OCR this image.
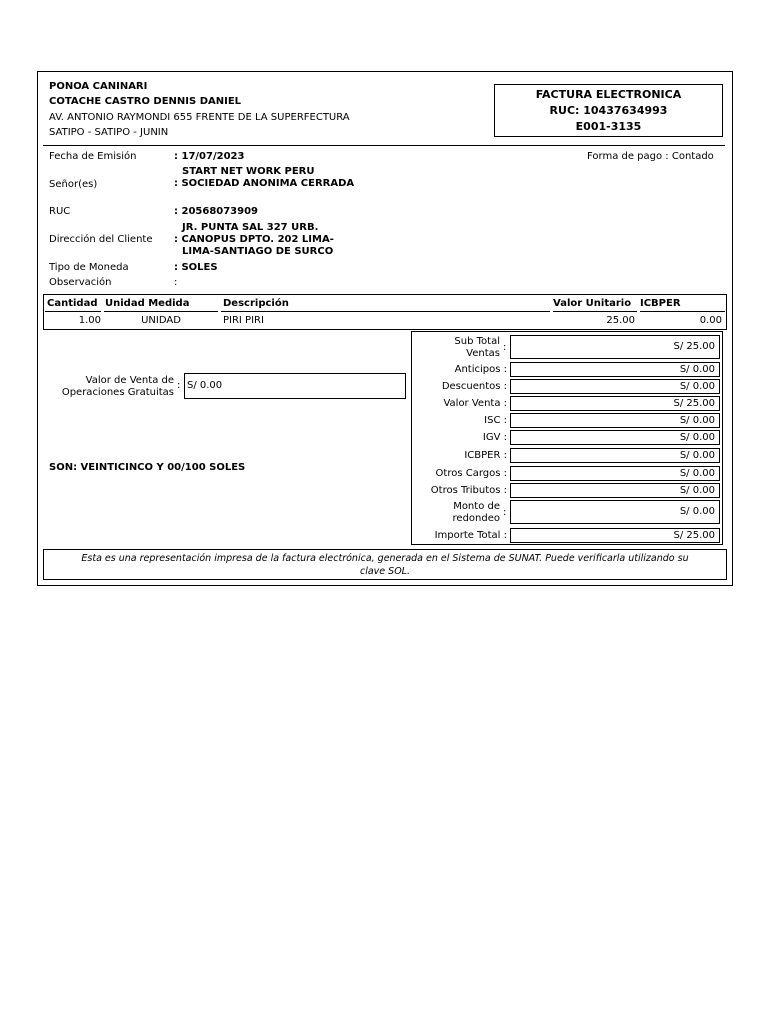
PONOA CANINARI
COTACHE CASTRO DENNIS DANIEL
AV. ANTONIO RAYMONDI 655 FRENTE DE LA SUPERFECTURA
SATIPO - SATIPO - JUNIN
FACTURA ELECTRONICA
RUC: 10437634993
E001-3135
Fecha de Emisión	: 17/07/2023	Forma de pago : Contado
START NET WORK PERU
Señor(es)	: SOCIEDAD ANONIMA CERRADA
RUC	: 20568073909
JR. PUNTA SAL 327 URB.
Dirección del Cliente : CANOPUS DPTO. 202 LIMA-
LIMA-SANTIAGO DE SURCO
Tipo de Moneda	: SOLES
Observación	:
Cantidad Unidad Medida	Descripción	Valor Unitario ICBPER
1.00	UNIDAD	PIRI PIRI	25.00	0.00
Valor de Venta de
Operaciones Gratuitas
: S/ 0.00
SON: VEINTICINCO Y 00/100 SOLES
Sub Total
Ventas
:	S/ 25.00
Anticipos :	S/ 0.00
Descuentos :	S/ 0.00
Valor Venta :	S/ 25.00
ISC :	S/ 0.00
IGV :	S/ 0.00
ICBPER :	S/ 0.00
Otros Cargos :	S/ 0.00
Otros Tributos :	S/ 0.00
Monto de
redondeo
:	S/ 0.00
Importe Total :	S/ 25.00
Esta es una representación impresa de la factura electrónica, generada en el Sistema de SUNAT. Puede verificarla utilizando su
clave SOL.
